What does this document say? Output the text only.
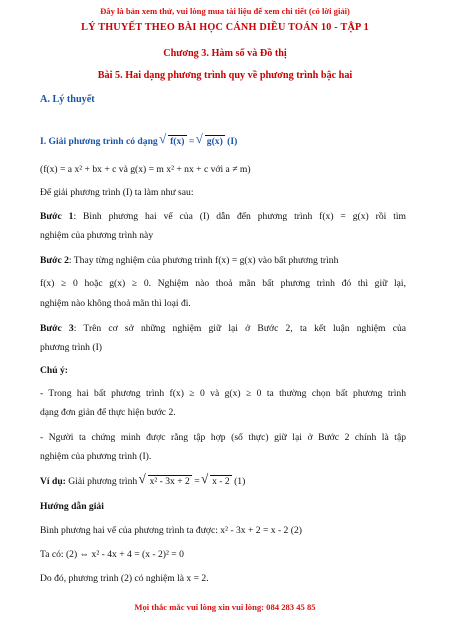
Đây là bản xem thử, vui lòng mua tài liệu để xem chi tiết (có lời giải)
LÝ THUYẾT THEO BÀI HỌC CÁNH DIỀU TOÁN 10 - TẬP 1
Chương 3. Hàm số và Đồ thị
Bài 5. Hai dạng phương trình quy về phương trình bậc hai
A. Lý thuyết
I. Giải phương trình có dạng √ f(x) = √ g(x) (I)
(f(x) = a x² + bx + c và g(x) = m x² + nx + c với a ≠ m)
Để giải phương trình (I) ta làm như sau:
Bước 1: Bình phương hai vế của (I) dẫn đến phương trình f(x) = g(x) rồi tìm
nghiệm của phương trình này
Bước 2: Thay từng nghiệm của phương trình f(x) = g(x) vào bất phương trình
f(x) ≥ 0 hoặc g(x) ≥ 0. Nghiệm nào thoả mãn bất phương trình đó thì giữ lại,
nghiệm nào không thoả mãn thì loại đi.
Bước 3: Trên cơ sở những nghiệm giữ lại ở Bước 2, ta kết luận nghiệm của
phương trình (I)
Chú ý:
- Trong hai bất phương trình f(x) ≥ 0 và g(x) ≥ 0 ta thường chọn bất phương trình
dạng đơn giản để thực hiện bước 2.
- Người ta chứng minh được rằng tập hợp (số thực) giữ lại ở Bước 2 chính là tập
nghiệm của phương trình (I).
Ví dụ: Giải phương trình √ x² - 3x + 2 = √ x - 2 (1)
Hướng dẫn giải
Bình phương hai vế của phương trình ta được: x² - 3x + 2 = x - 2 (2)
Ta có: (2) ⇔ x² - 4x + 4 = (x - 2)² = 0
Do đó, phương trình (2) có nghiệm là x = 2.
Mọi thắc mắc vui lòng xin vui lòng: 084 283 45 85
